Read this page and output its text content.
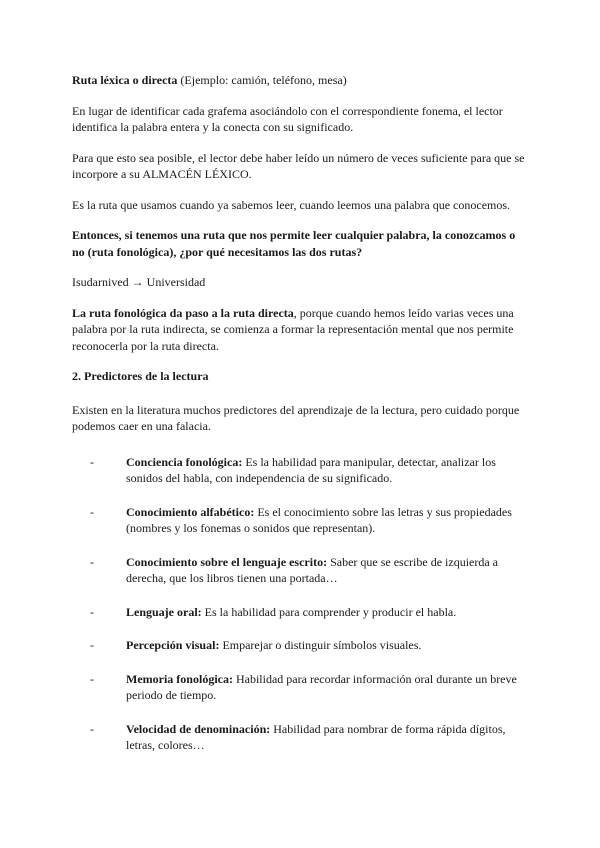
Ruta léxica o directa (Ejemplo: camión, teléfono, mesa)

En lugar de identificar cada grafema asociándolo con el correspondiente fonema, el lector identifica la palabra entera y la conecta con su significado.

Para que esto sea posible, el lector debe haber leído un número de veces suficiente para que se incorpore a su ALMACÉN LÉXICO.

Es la ruta que usamos cuando ya sabemos leer, cuando leemos una palabra que conocemos.

Entonces, si tenemos una ruta que nos permite leer cualquier palabra, la conozcamos o no (ruta fonológica), ¿por qué necesitamos las dos rutas?

Isudarnived → Universidad

La ruta fonológica da paso a la ruta directa, porque cuando hemos leído varias veces una palabra por la ruta indirecta, se comienza a formar la representación mental que nos permite reconocerla por la ruta directa.

2. Predictores de la lectura

Existen en la literatura muchos predictores del aprendizaje de la lectura, pero cuidado porque podemos caer en una falacia.

-	Conciencia fonológica: Es la habilidad para manipular, detectar, analizar los sonidos del habla, con independencia de su significado.
-	Conocimiento alfabético: Es el conocimiento sobre las letras y sus propiedades (nombres y los fonemas o sonidos que representan).
-	Conocimiento sobre el lenguaje escrito: Saber que se escribe de izquierda a derecha, que los libros tienen una portada…
-	Lenguaje oral: Es la habilidad para comprender y producir el habla.
-	Percepción visual: Emparejar o distinguir símbolos visuales.
-	Memoria fonológica: Habilidad para recordar información oral durante un breve periodo de tiempo.
-	Velocidad de denominación: Habilidad para nombrar de forma rápida dígitos, letras, colores…
